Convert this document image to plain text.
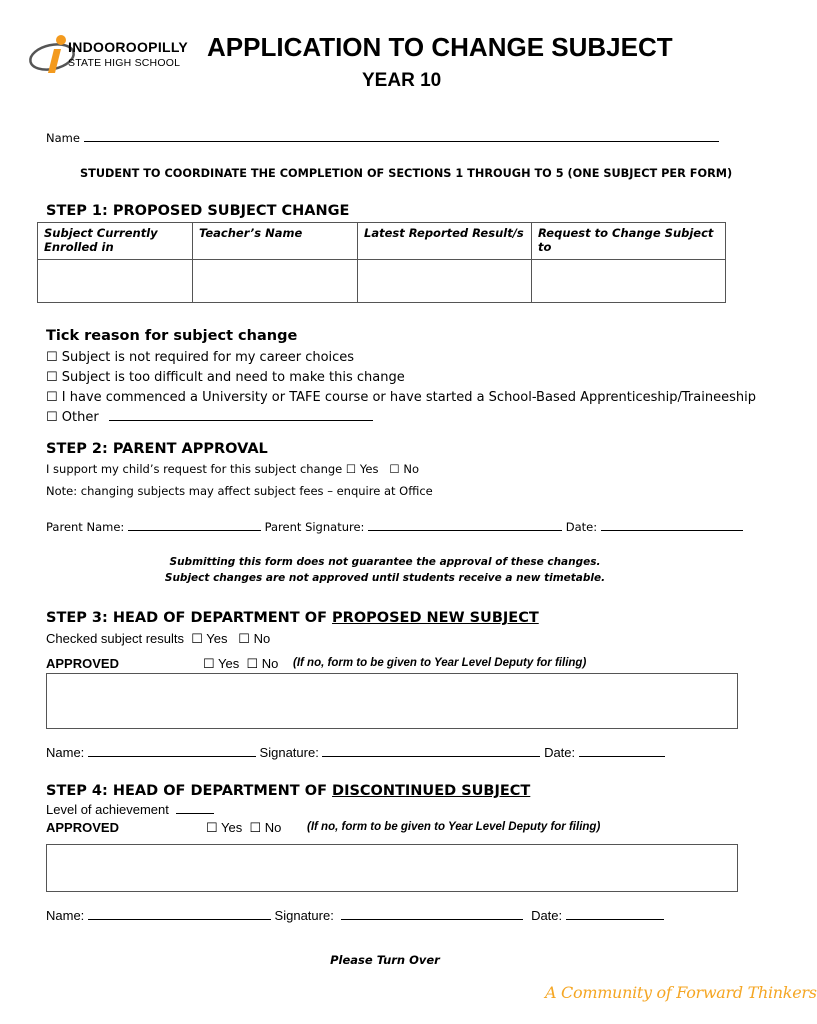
INDOOROOPILLY
STATE HIGH SCHOOL
APPLICATION TO CHANGE SUBJECT
YEAR 10
Name
STUDENT TO COORDINATE THE COMPLETION OF SECTIONS 1 THROUGH TO 5 (ONE SUBJECT PER FORM)
STEP 1: PROPOSED SUBJECT CHANGE
Subject Currently Enrolled in	Teacher’s Name	Latest Reported Result/s	Request to Change Subject to

Tick reason for subject change
☐ Subject is not required for my career choices
☐ Subject is too difficult and need to make this change
☐ I have commenced a University or TAFE course or have started a School-Based Apprenticeship/Traineeship
☐ Other
STEP 2: PARENT APPROVAL
I support my child’s request for this subject change ☐ Yes   ☐ No
Note: changing subjects may affect subject fees – enquire at Office
Parent Name:	Parent Signature:	Date:
Submitting this form does not guarantee the approval of these changes.
Subject changes are not approved until students receive a new timetable.
STEP 3: HEAD OF DEPARTMENT OF PROPOSED NEW SUBJECT
Checked subject results  ☐ Yes   ☐ No
APPROVED	☐ Yes  ☐ No (If no, form to be given to Year Level Deputy for filing)
Name:	Signature:	Date:
STEP 4: HEAD OF DEPARTMENT OF DISCONTINUED SUBJECT
Level of achievement
APPROVED	☐ Yes  ☐ No (If no, form to be given to Year Level Deputy for filing)
Name:	Signature:	Date:
Please Turn Over
A Community of Forward Thinkers
